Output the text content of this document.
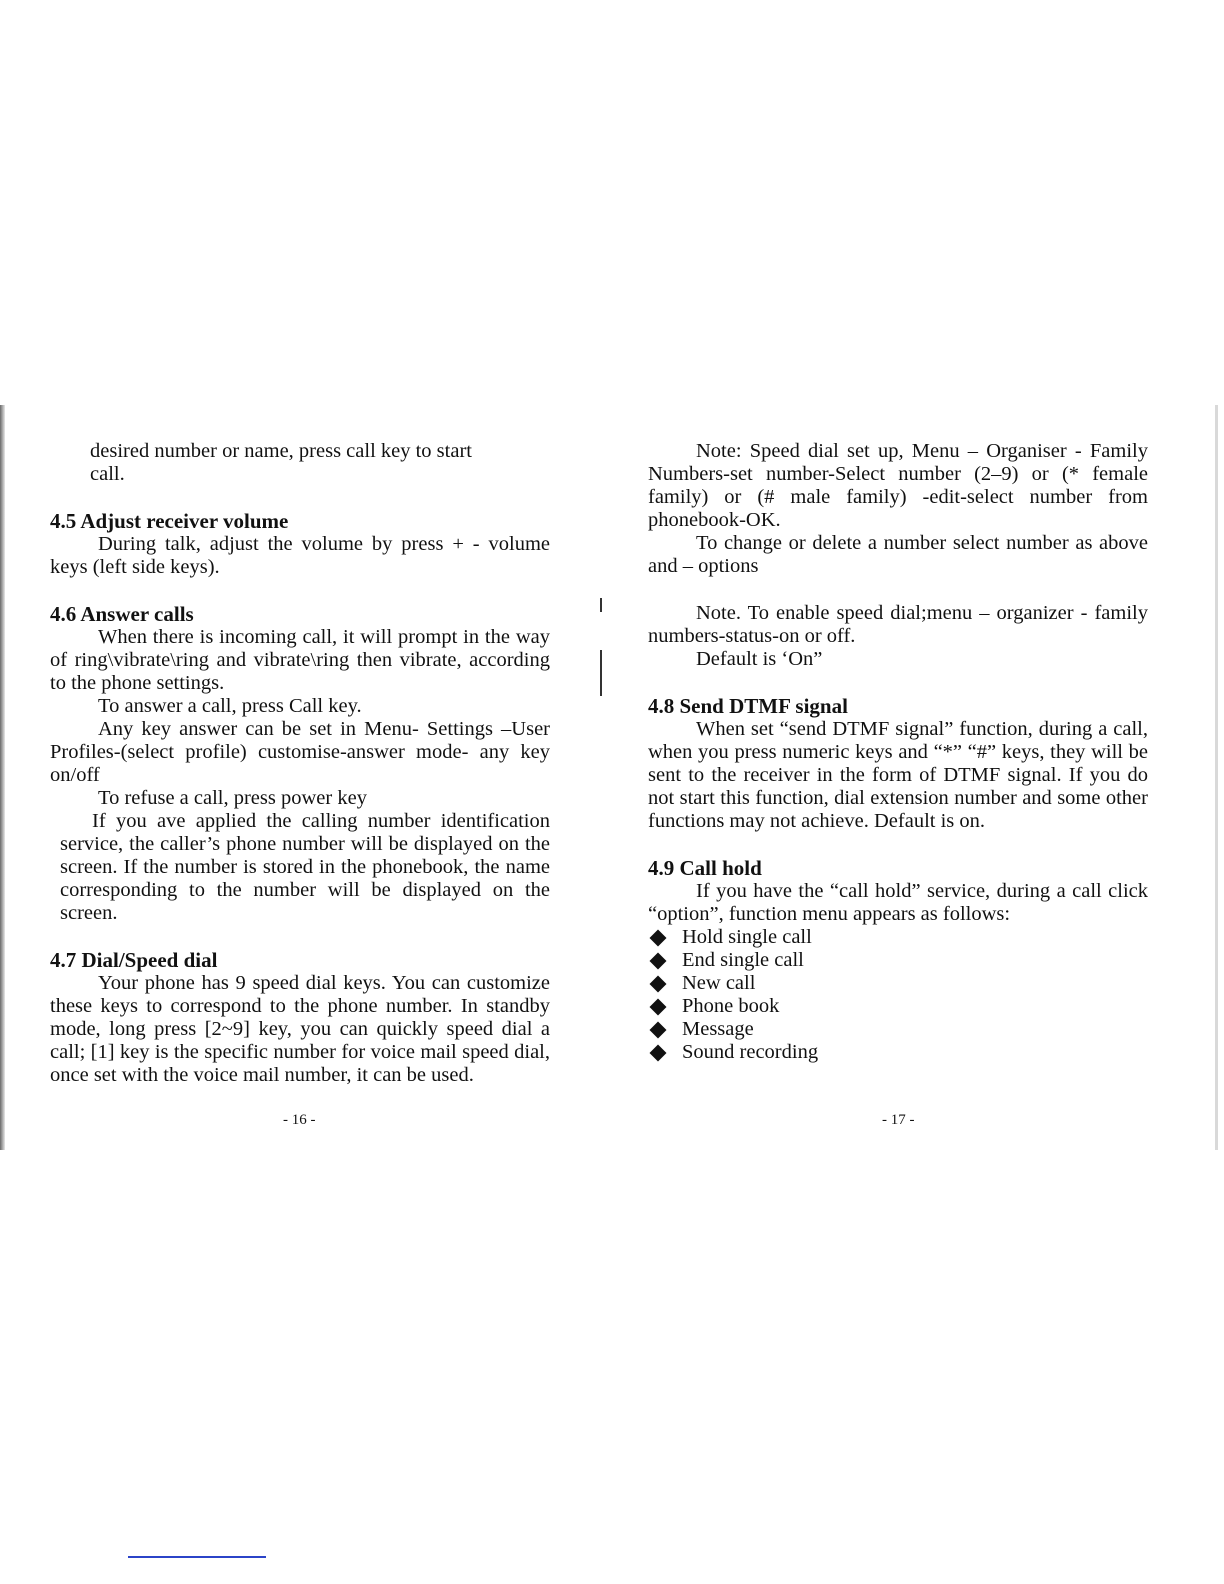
desired number or name, press call key to start

call.

4.5 Adjust receiver volume

During talk, adjust the volume by press + - volume keys (left side keys).

4.6 Answer calls

When there is incoming call, it will prompt in the way of ring\vibrate\ring and vibrate\ring then vibrate, according to the phone settings.

To answer a call, press Call key.

Any key answer can be set in Menu- Settings –User Profiles-(select profile) customise-answer mode- any key on/off

To refuse a call, press power key

If you ave applied the calling number identification service, the caller’s phone number will be displayed on the screen. If the number is stored in the phonebook, the name corresponding to the number will be displayed on the screen.

4.7 Dial/Speed dial

Your phone has 9 speed dial keys. You can customize these keys to correspond to the phone number. In standby mode, long press [2~9] key, you can quickly speed dial a call; [1] key is the specific number for voice mail speed dial, once set with the voice mail number, it can be used.

Note: Speed dial set up, Menu – Organiser - Family Numbers-set number-Select number (2–9) or (* female family) or (# male family) -edit-select number from phonebook-OK.

To change or delete a number select number as above and – options

Note. To enable speed dial;menu – organizer - family numbers-status-on or off.

Default is ‘On”

4.8 Send DTMF signal

When set “send DTMF signal” function, during a call, when you press numeric keys and “*” “#” keys, they will be sent to the receiver in the form of DTMF signal. If you do not start this function, dial extension number and some other functions may not achieve. Default is on.

4.9 Call hold

If you have the “call hold” service, during a call click “option”, function menu appears as follows:

Hold single call
End single call
New call
Phone book
Message
Sound recording
- 16 -	- 17 -
